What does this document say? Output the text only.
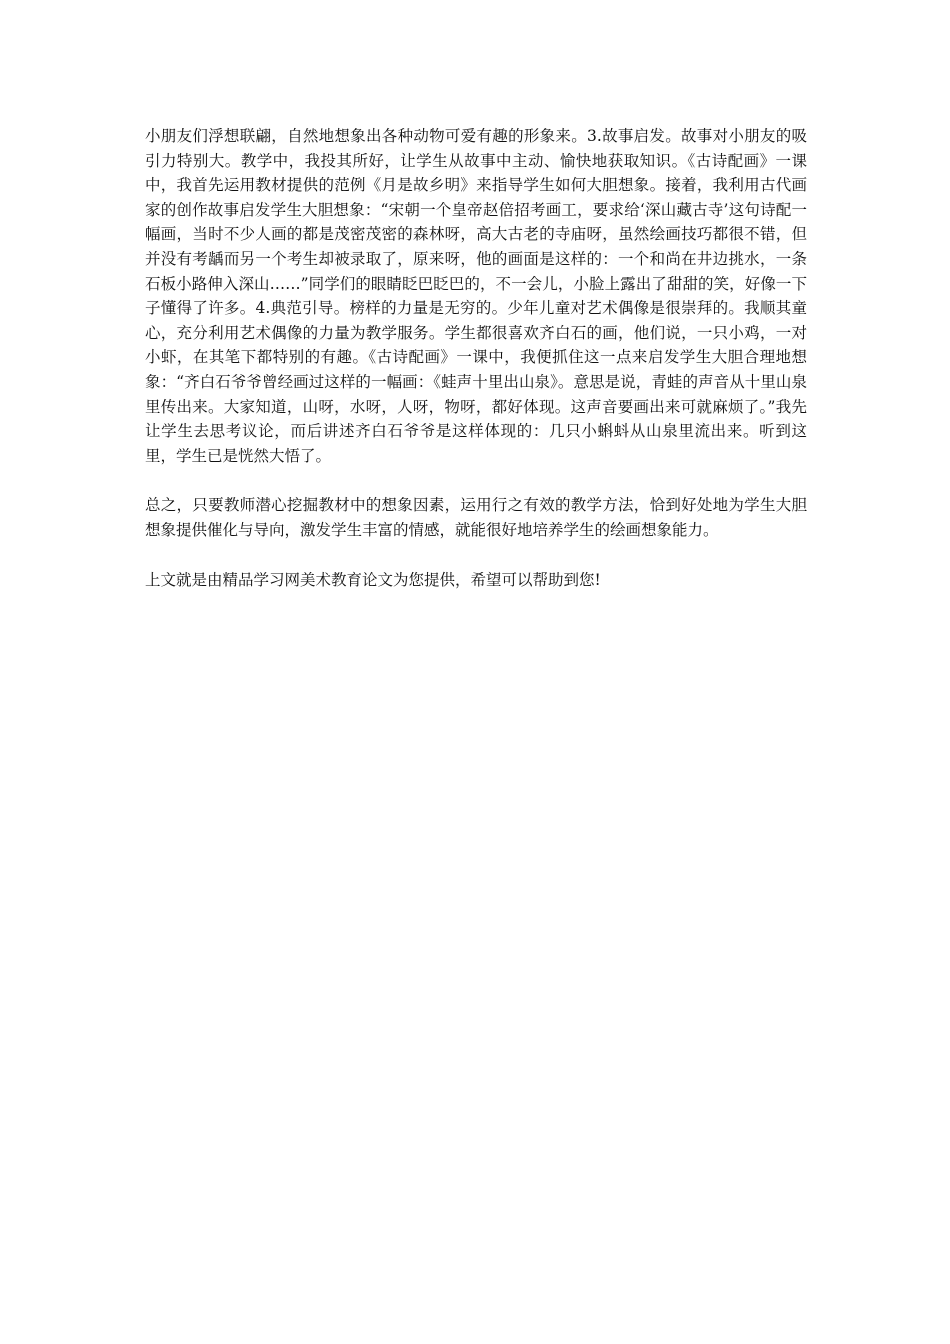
小朋友们浮想联翩，自然地想象出各种动物可爱有趣的形象来。3.故事启发。故事对小朋友的吸引力特别大。教学中，我投其所好，让学生从故事中主动、愉快地获取知识。《古诗配画》一课中，我首先运用教材提供的范例《月是故乡明》来指导学生如何大胆想象。接着，我利用古代画家的创作故事启发学生大胆想象：“宋朝一个皇帝赵倍招考画工，要求给‘深山藏古寺’这句诗配一幅画，当时不少人画的都是茂密茂密的森林呀，高大古老的寺庙呀，虽然绘画技巧都很不错，但并没有考龋而另一个考生却被录取了，原来呀，他的画面是这样的：一个和尚在井边挑水，一条石板小路伸入深山……”同学们的眼睛眨巴眨巴的，不一会儿，小脸上露出了甜甜的笑，好像一下子懂得了许多。4.典范引导。榜样的力量是无穷的。少年儿童对艺术偶像是很崇拜的。我顺其童心，充分利用艺术偶像的力量为教学服务。学生都很喜欢齐白石的画，他们说，一只小鸡，一对小虾，在其笔下都特别的有趣。《古诗配画》一课中，我便抓住这一点来启发学生大胆合理地想象：“齐白石爷爷曾经画过这样的一幅画：《蛙声十里出山泉》。意思是说，青蛙的声音从十里山泉里传出来。大家知道，山呀，水呀，人呀，物呀，都好体现。这声音要画出来可就麻烦了。”我先让学生去思考议论，而后讲述齐白石爷爷是这样体现的：几只小蝌蚪从山泉里流出来。听到这里，学生已是恍然大悟了。

总之，只要教师潜心挖掘教材中的想象因素，运用行之有效的教学方法，恰到好处地为学生大胆想象提供催化与导向，激发学生丰富的情感，就能很好地培养学生的绘画想象能力。

上文就是由精品学习网美术教育论文为您提供，希望可以帮助到您!
